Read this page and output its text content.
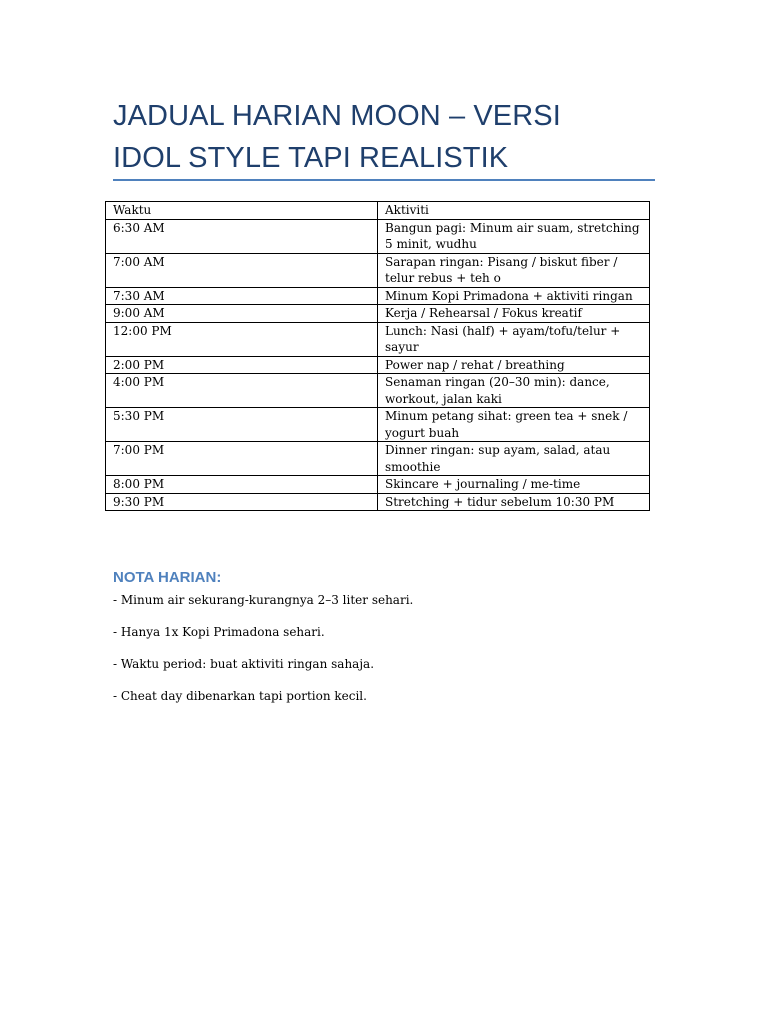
JADUAL HARIAN MOON – VERSI IDOL STYLE TAPI REALISTIK
Waktu	Aktiviti
6:30 AM	Bangun pagi: Minum air suam, stretching 5 minit, wudhu
7:00 AM	Sarapan ringan: Pisang / biskut fiber / telur rebus + teh o
7:30 AM	Minum Kopi Primadona + aktiviti ringan
9:00 AM	Kerja / Rehearsal / Fokus kreatif
12:00 PM	Lunch: Nasi (half) + ayam/tofu/telur + sayur
2:00 PM	Power nap / rehat / breathing
4:00 PM	Senaman ringan (20–30 min): dance, workout, jalan kaki
5:30 PM	Minum petang sihat: green tea + snek / yogurt buah
7:00 PM	Dinner ringan: sup ayam, salad, atau smoothie
8:00 PM	Skincare + journaling / me-time
9:30 PM	Stretching + tidur sebelum 10:30 PM
NOTA HARIAN:
- Minum air sekurang-kurangnya 2–3 liter sehari.
- Hanya 1x Kopi Primadona sehari.
- Waktu period: buat aktiviti ringan sahaja.
- Cheat day dibenarkan tapi portion kecil.
